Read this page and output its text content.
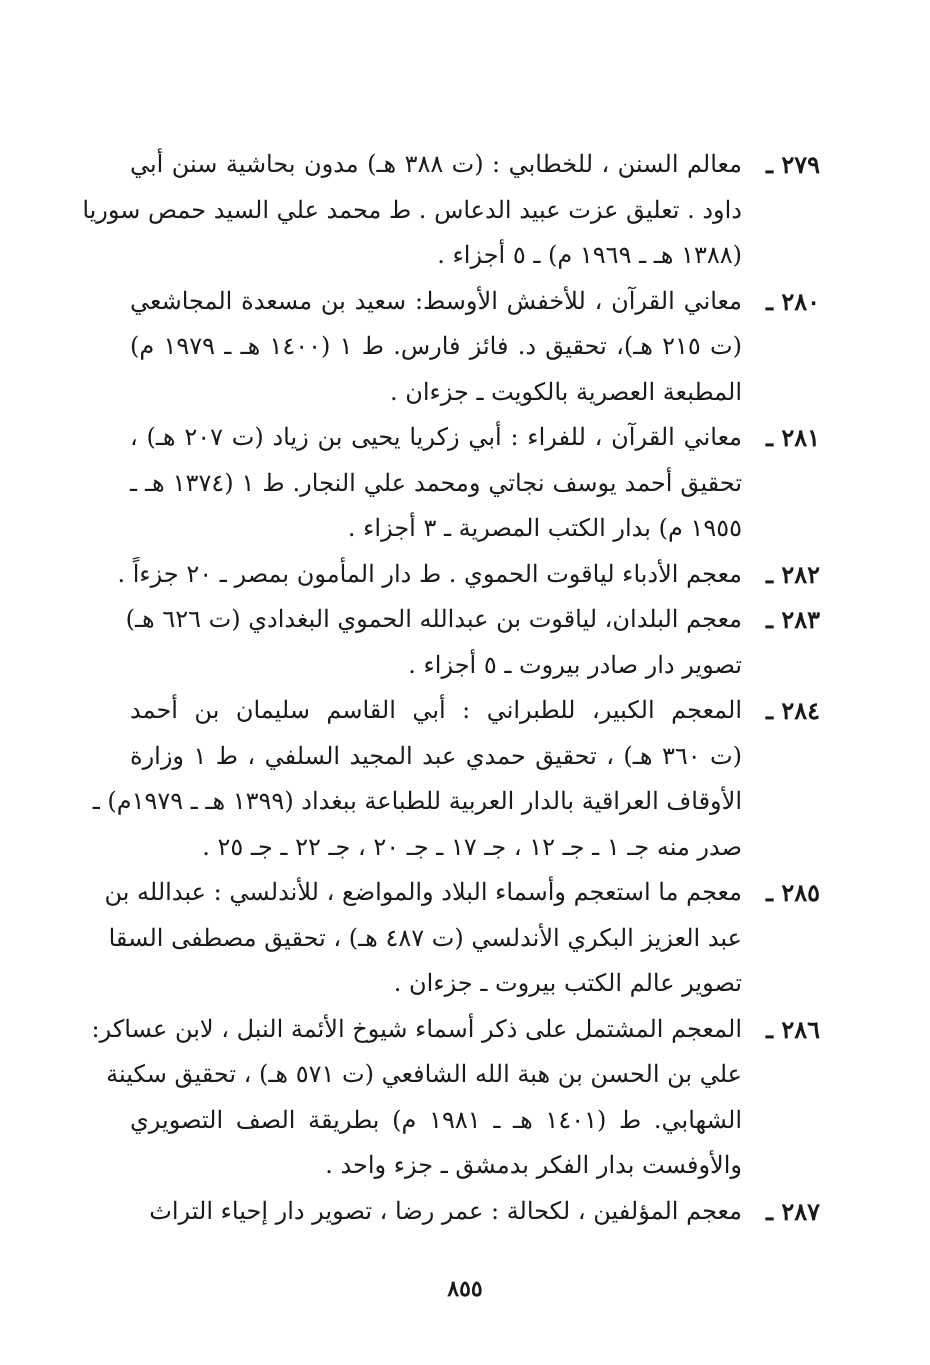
٢٧٩ ـ
معالم السنن ، للخطابي : (ت ٣٨٨ هـ) مدون بحاشية سنن أبي
داود . تعليق عزت عبيد الدعاس . ط محمد علي السيد حمص سوريا
(١٣٨٨ هـ ـ ١٩٦٩ م) ـ ٥ أجزاء .
٢٨٠ ـ
معاني القرآن ، للأخفش الأوسط: سعيد بن مسعدة المجاشعي
(ت ٢١٥ هـ)، تحقيق د. فائز فارس. ط ١ (١٤٠٠ هـ ـ ١٩٧٩ م)
المطبعة العصرية بالكويت ـ جزءان .
٢٨١ ـ
معاني القرآن ، للفراء : أبي زكريا يحيى بن زياد (ت ٢٠٧ هـ) ،
تحقيق أحمد يوسف نجاتي ومحمد علي النجار. ط ١ (١٣٧٤ هـ ـ
١٩٥٥ م) بدار الكتب المصرية ـ ٣ أجزاء .
٢٨٢ ـ
معجم الأدباء لياقوت الحموي . ط دار المأمون بمصر ـ ٢٠ جزءاً .
٢٨٣ ـ
معجم البلدان، لياقوت بن عبدالله الحموي البغدادي (ت ٦٢٦ هـ)
تصوير دار صادر بيروت ـ ٥ أجزاء .
٢٨٤ ـ
المعجم الكبير، للطبراني : أبي القاسم سليمان بن أحمد
(ت ٣٦٠ هـ) ، تحقيق حمدي عبد المجيد السلفي ، ط ١ وزارة
الأوقاف العراقية بالدار العربية للطباعة ببغداد (١٣٩٩ هـ ـ ١٩٧٩م) ـ
صدر منه جـ ١ ـ جـ ١٢ ، جـ ١٧ ـ جـ ٢٠ ، جـ ٢٢ ـ جـ ٢٥ .
٢٨٥ ـ
معجم ما استعجم وأسماء البلاد والمواضع ، للأندلسي : عبدالله بن
عبد العزيز البكري الأندلسي (ت ٤٨٧ هـ) ، تحقيق مصطفى السقا
تصوير عالم الكتب بيروت ـ جزءان .
٢٨٦ ـ
المعجم المشتمل على ذكر أسماء شيوخ الأئمة النبل ، لابن عساكر:
علي بن الحسن بن هبة الله الشافعي (ت ٥٧١ هـ) ، تحقيق سكينة
الشهابي. ط (١٤٠١ هـ ـ ١٩٨١ م) بطريقة الصف التصويري
والأوفست بدار الفكر بدمشق ـ جزء واحد .
٢٨٧ ـ
معجم المؤلفين ، لكحالة : عمر رضا ، تصوير دار إحياء التراث
٨٥٥
